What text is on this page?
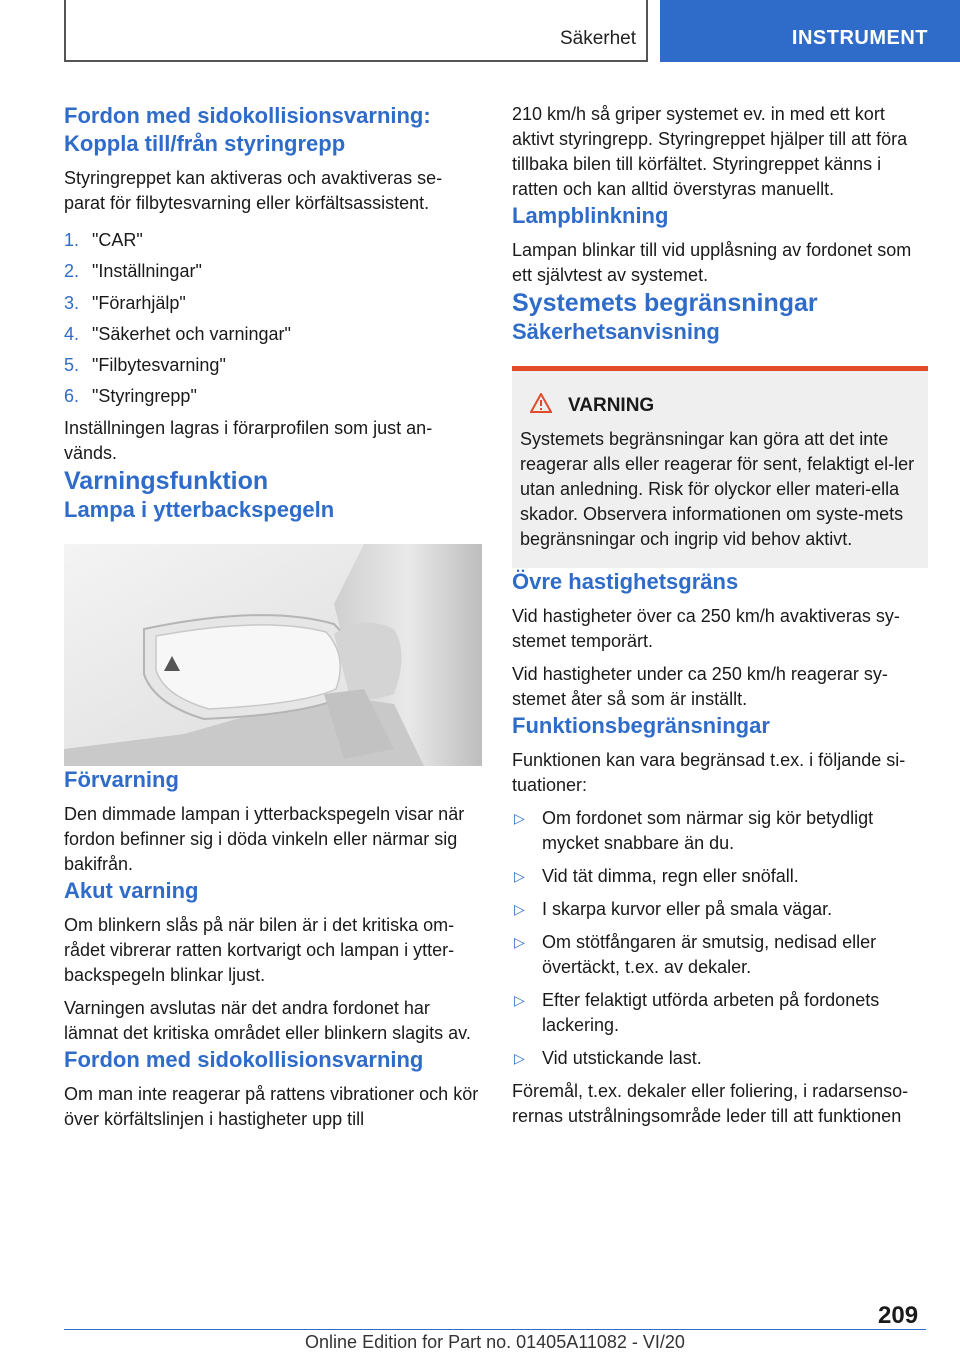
Säkerhet	INSTRUMENT
Fordon med sidokollisionsvarning: Koppla till/från styringrepp

Styringreppet kan aktiveras och avaktiveras se-parat för filbytesvarning eller körfältsassistent.

1. "CAR"
2. "Inställningar"
3. "Förarhjälp"
4. "Säkerhet och varningar"
5. "Filbytesvarning"
6. "Styringrepp"

Inställningen lagras i förarprofilen som just an-vänds.

Varningsfunktion
Lampa i ytterbackspegeln
Förvarning

Den dimmade lampan i ytterbackspegeln visar när fordon befinner sig i döda vinkeln eller närmar sig bakifrån.

Akut varning

Om blinkern slås på när bilen är i det kritiska om-rådet vibrerar ratten kortvarigt och lampan i ytter-backspegeln blinkar ljust.

Varningen avslutas när det andra fordonet har lämnat det kritiska området eller blinkern slagits av.

Fordon med sidokollisionsvarning

Om man inte reagerar på rattens vibrationer och kör över körfältslinjen i hastigheter upp till

210 km/h så griper systemet ev. in med ett kort aktivt styringrepp. Styringreppet hjälper till att föra tillbaka bilen till körfältet. Styringreppet känns i ratten och kan alltid överstyras manuellt.

Lampblinkning

Lampan blinkar till vid upplåsning av fordonet som ett självtest av systemet.

Systemets begränsningar
Säkerhetsanvisning
VARNING

Systemets begränsningar kan göra att det inte reagerar alls eller reagerar för sent, felaktigt el-ler utan anledning. Risk för olyckor eller materi-ella skador. Observera informationen om syste-mets begränsningar och ingrip vid behov aktivt.

Övre hastighetsgräns

Vid hastigheter över ca 250 km/h avaktiveras sy-stemet temporärt.

Vid hastigheter under ca 250 km/h reagerar sy-stemet åter så som är inställt.

Funktionsbegränsningar

Funktionen kan vara begränsad t.ex. i följande si-tuationer:

▷ Om fordonet som närmar sig kör betydligt mycket snabbare än du.
▷ Vid tät dimma, regn eller snöfall.
▷ I skarpa kurvor eller på smala vägar.
▷ Om stötfångaren är smutsig, nedisad eller övertäckt, t.ex. av dekaler.
▷ Efter felaktigt utförda arbeten på fordonets lackering.
▷ Vid utstickande last.

Föremål, t.ex. dekaler eller foliering, i radarsenso-rernas utstrålningsområde leder till att funktionen

209
Online Edition for Part no. 01405A11082 - VI/20
